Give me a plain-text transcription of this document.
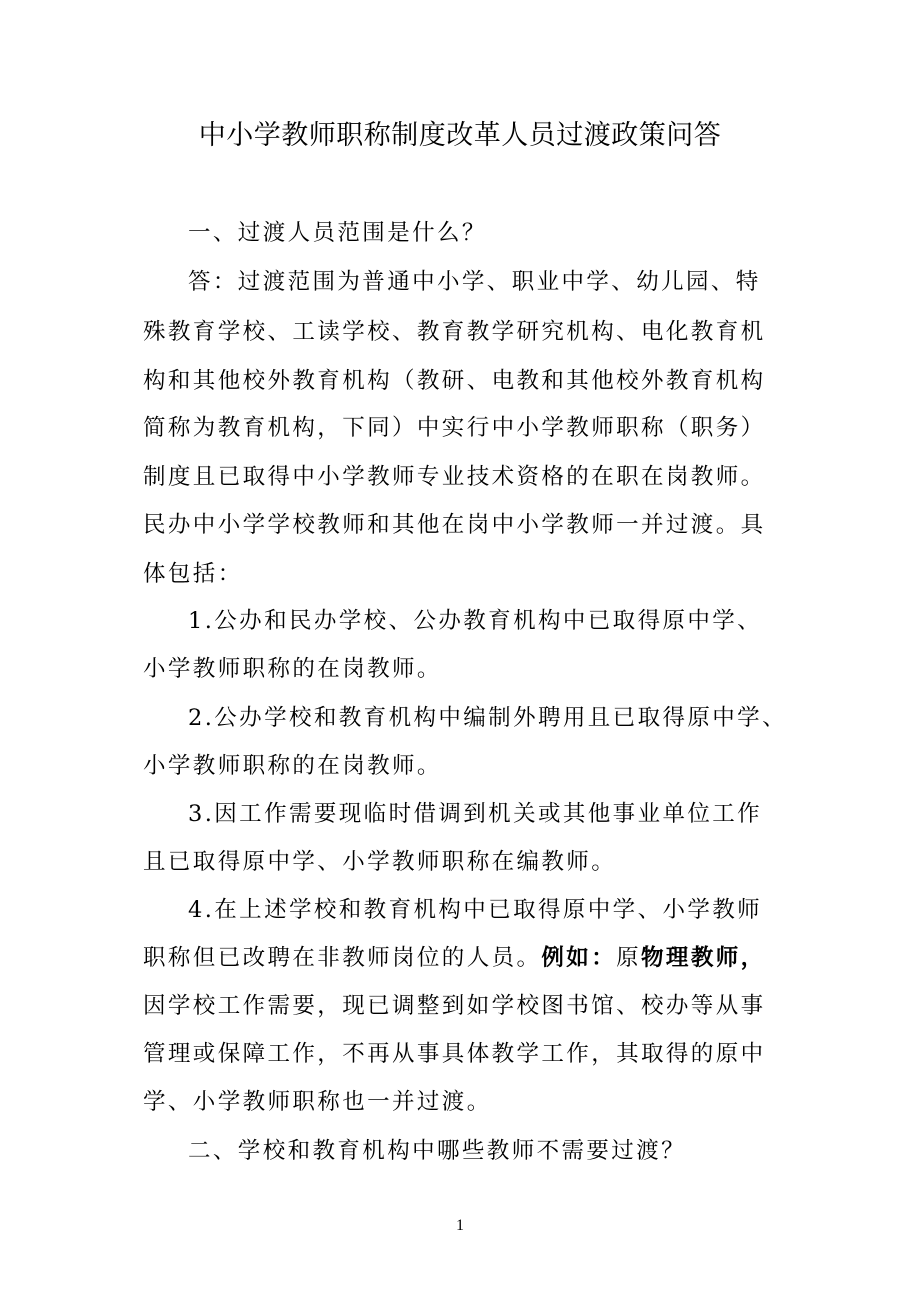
中小学教师职称制度改革人员过渡政策问答
一、过渡人员范围是什么？
答：过渡范围为普通中小学、职业中学、幼儿园、特
殊教育学校、工读学校、教育教学研究机构、电化教育机
构和其他校外教育机构（教研、电教和其他校外教育机构
简称为教育机构，下同）中实行中小学教师职称（职务）
制度且已取得中小学教师专业技术资格的在职在岗教师。
民办中小学学校教师和其他在岗中小学教师一并过渡。具
体包括：
1.公办和民办学校、公办教育机构中已取得原中学、
小学教师职称的在岗教师。
2.公办学校和教育机构中编制外聘用且已取得原中学、
小学教师职称的在岗教师。
3.因工作需要现临时借调到机关或其他事业单位工作
且已取得原中学、小学教师职称在编教师。
4.在上述学校和教育机构中已取得原中学、小学教师
职称但已改聘在非教师岗位的人员。例如：原物理教师，
因学校工作需要，现已调整到如学校图书馆、校办等从事
管理或保障工作，不再从事具体教学工作，其取得的原中
学、小学教师职称也一并过渡。
二、学校和教育机构中哪些教师不需要过渡？
1
